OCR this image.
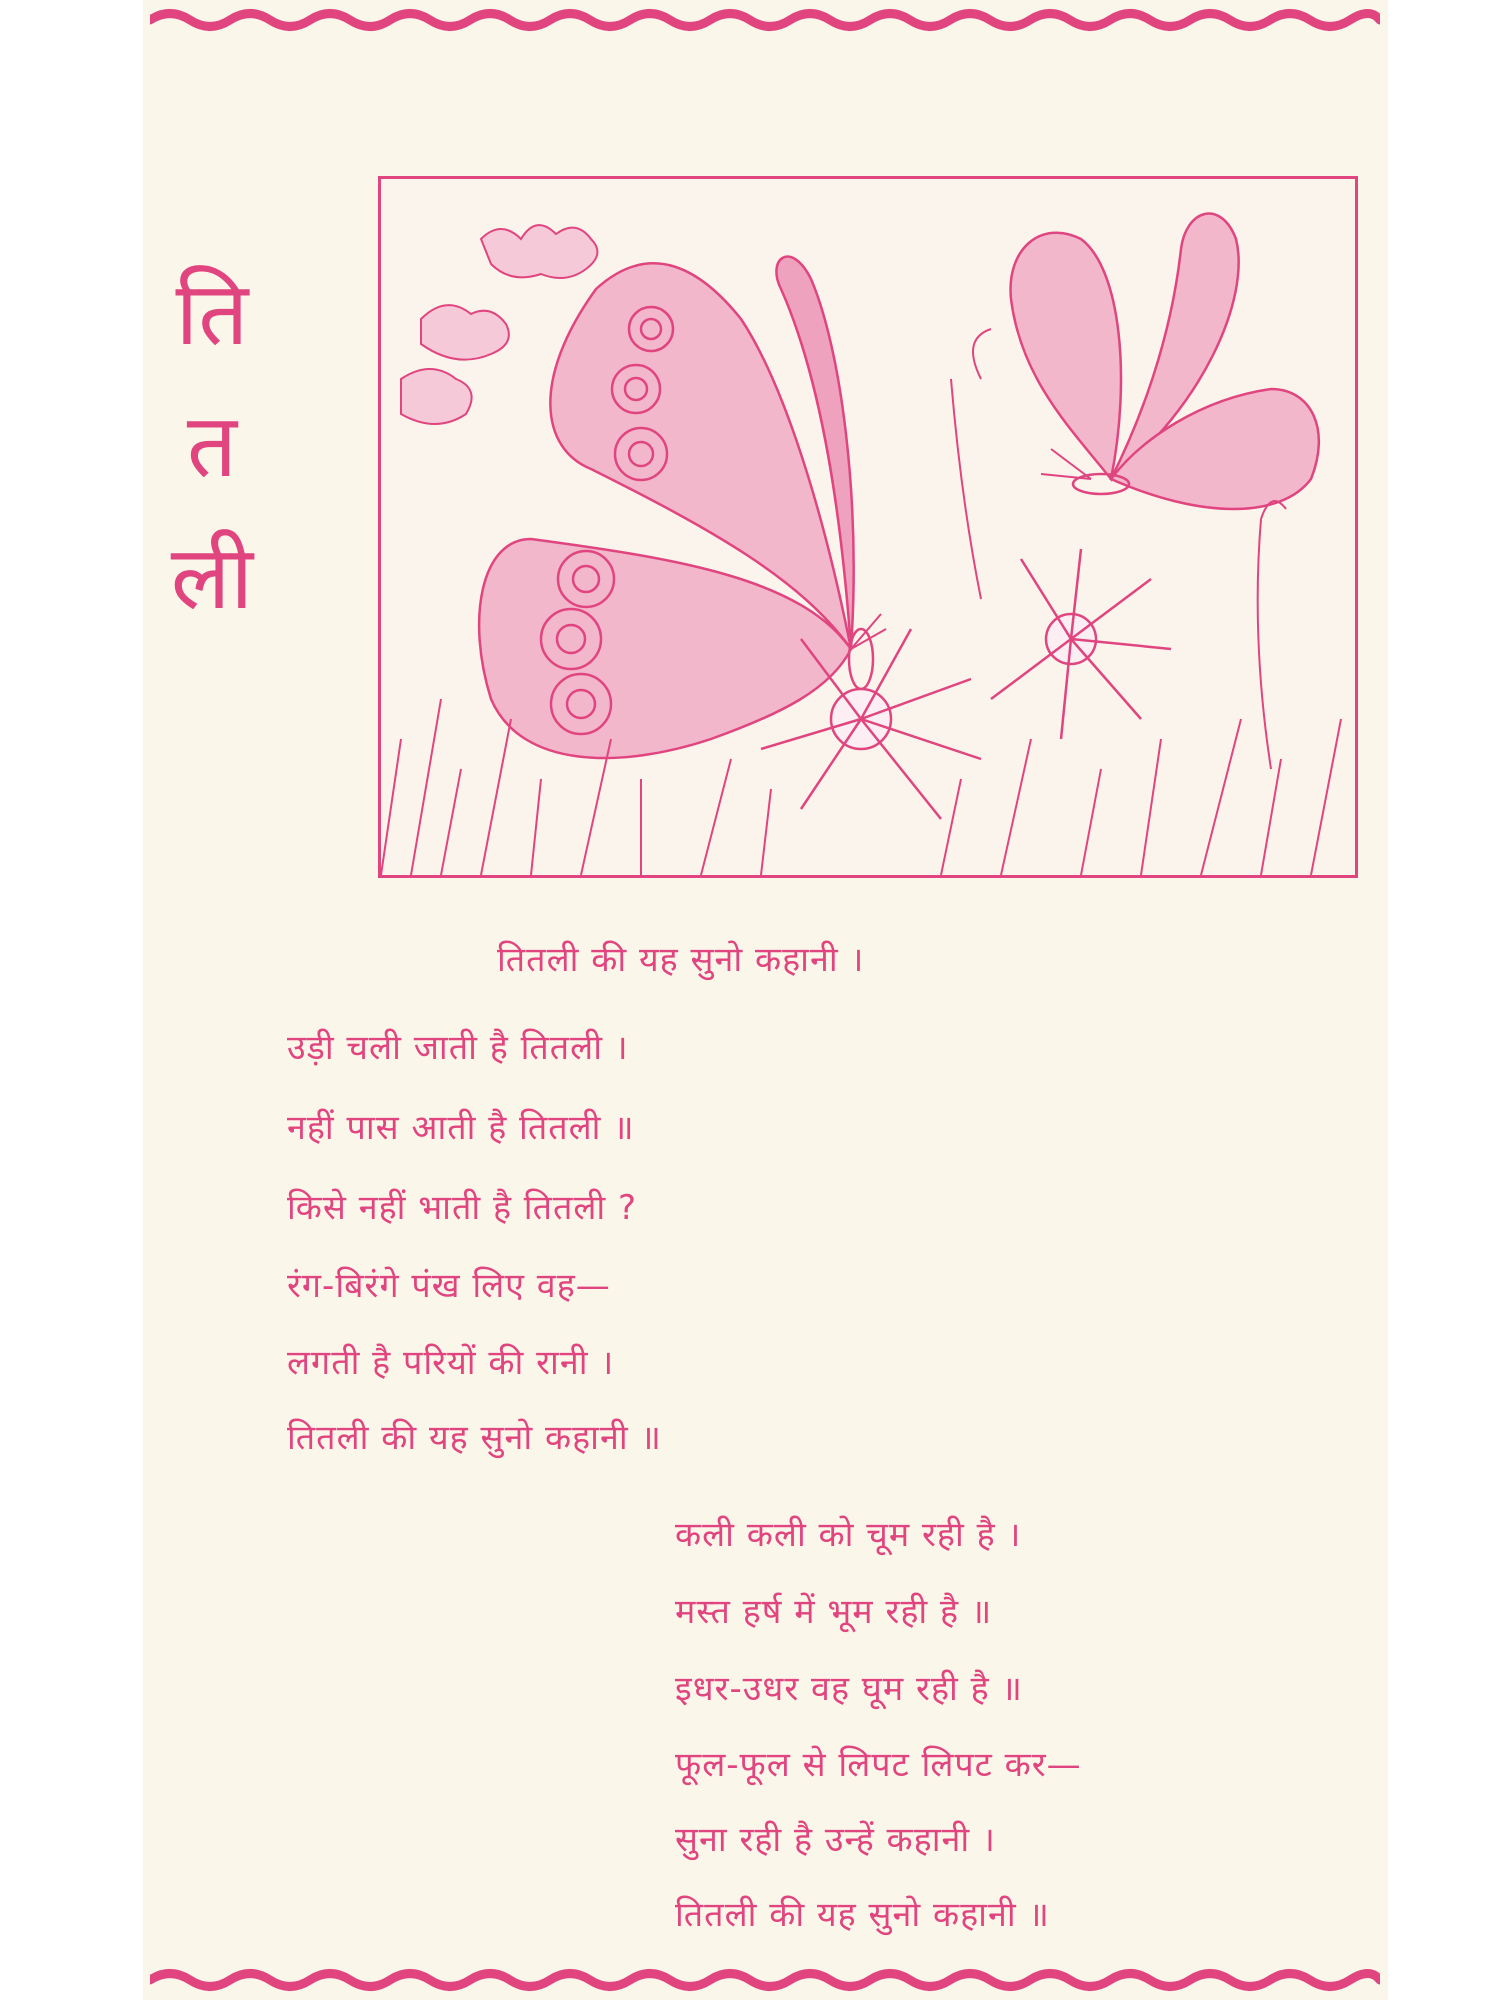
ति
त
ली
तितली की यह सुनो कहानी ।
उड़ी चली जाती है तितली ।
नहीं पास आती है तितली ॥
किसे नहीं भाती है तितली ?
रंग-बिरंगे पंख लिए वह—
लगती है परियों की रानी ।
तितली की यह सुनो कहानी ॥
कली कली को चूम रही है ।
मस्त हर्ष में भूम रही है ॥
इधर-उधर वह घूम रही है ॥
फूल-फूल से लिपट लिपट कर—
सुना रही है उन्हें कहानी ।
तितली की यह सुनो कहानी ॥
